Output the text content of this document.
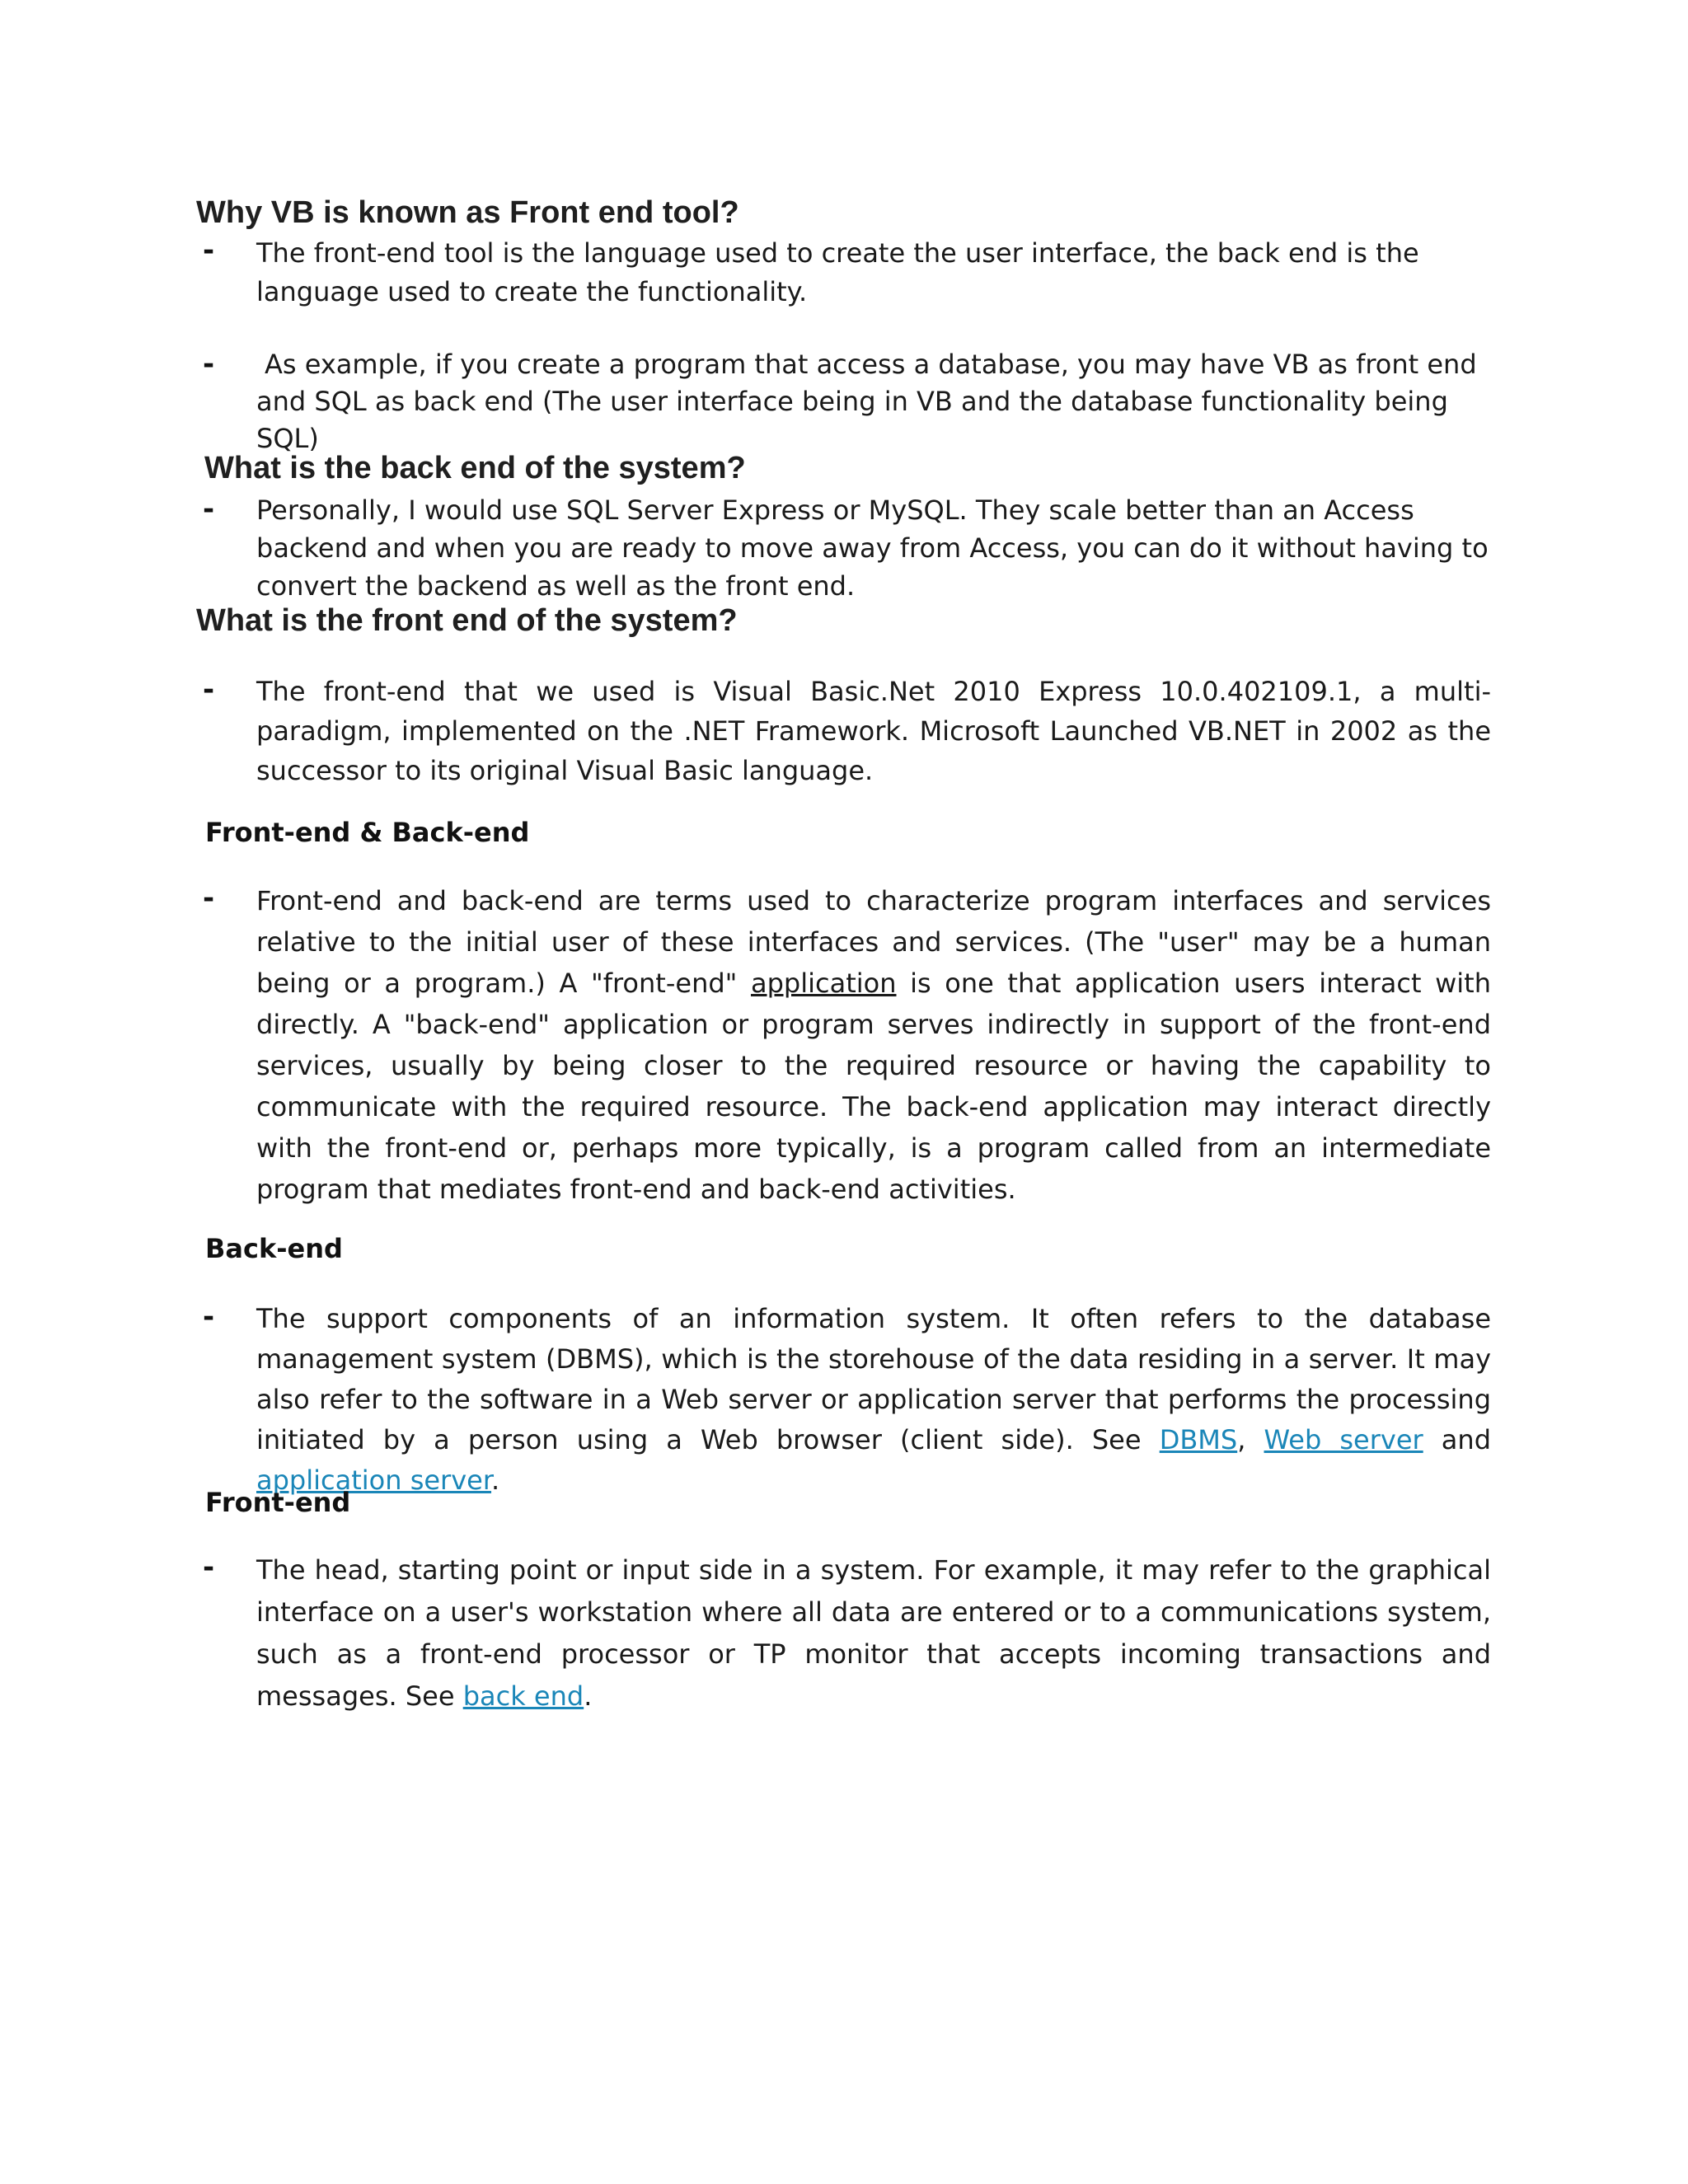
Why VB is known as Front end tool?
- The front-end tool is the language used to create the user interface, the back end is the language used to create the functionality.
-	As example, if you create a program that access a database, you may have VB as front end and SQL as back end (The user interface being in VB and the database functionality being SQL)
What is the back end of the system?
- Personally, I would use SQL Server Express or MySQL. They scale better than an Access backend and when you are ready to move away from Access, you can do it without having to convert the backend as well as the front end.
What is the front end of the system?
- The front-end that we used is Visual Basic.Net 2010 Express 10.0.402109.1, a multi-paradigm, implemented on the .NET Framework. Microsoft Launched VB.NET in 2002 as the successor to its original Visual Basic language.
Front-end & Back-end
- Front-end and back-end are terms used to characterize program interfaces and services relative to the initial user of these interfaces and services. (The "user" may be a human being or a program.) A "front-end" application is one that application users interact with directly. A "back-end" application or program serves indirectly in support of the front-end services, usually by being closer to the required resource or having the capability to communicate with the required resource. The back-end application may interact directly with the front-end or, perhaps more typically, is a program called from an intermediate program that mediates front-end and back-end activities.
Back-end
- The support components of an information system. It often refers to the database management system (DBMS), which is the storehouse of the data residing in a server. It may also refer to the software in a Web server or application server that performs the processing initiated by a person using a Web browser (client side). See DBMS, Web server and application server.
Front-end
- The head, starting point or input side in a system. For example, it may refer to the graphical interface on a user's workstation where all data are entered or to a communications system, such as a front-end processor or TP monitor that accepts incoming transactions and messages. See back end.
